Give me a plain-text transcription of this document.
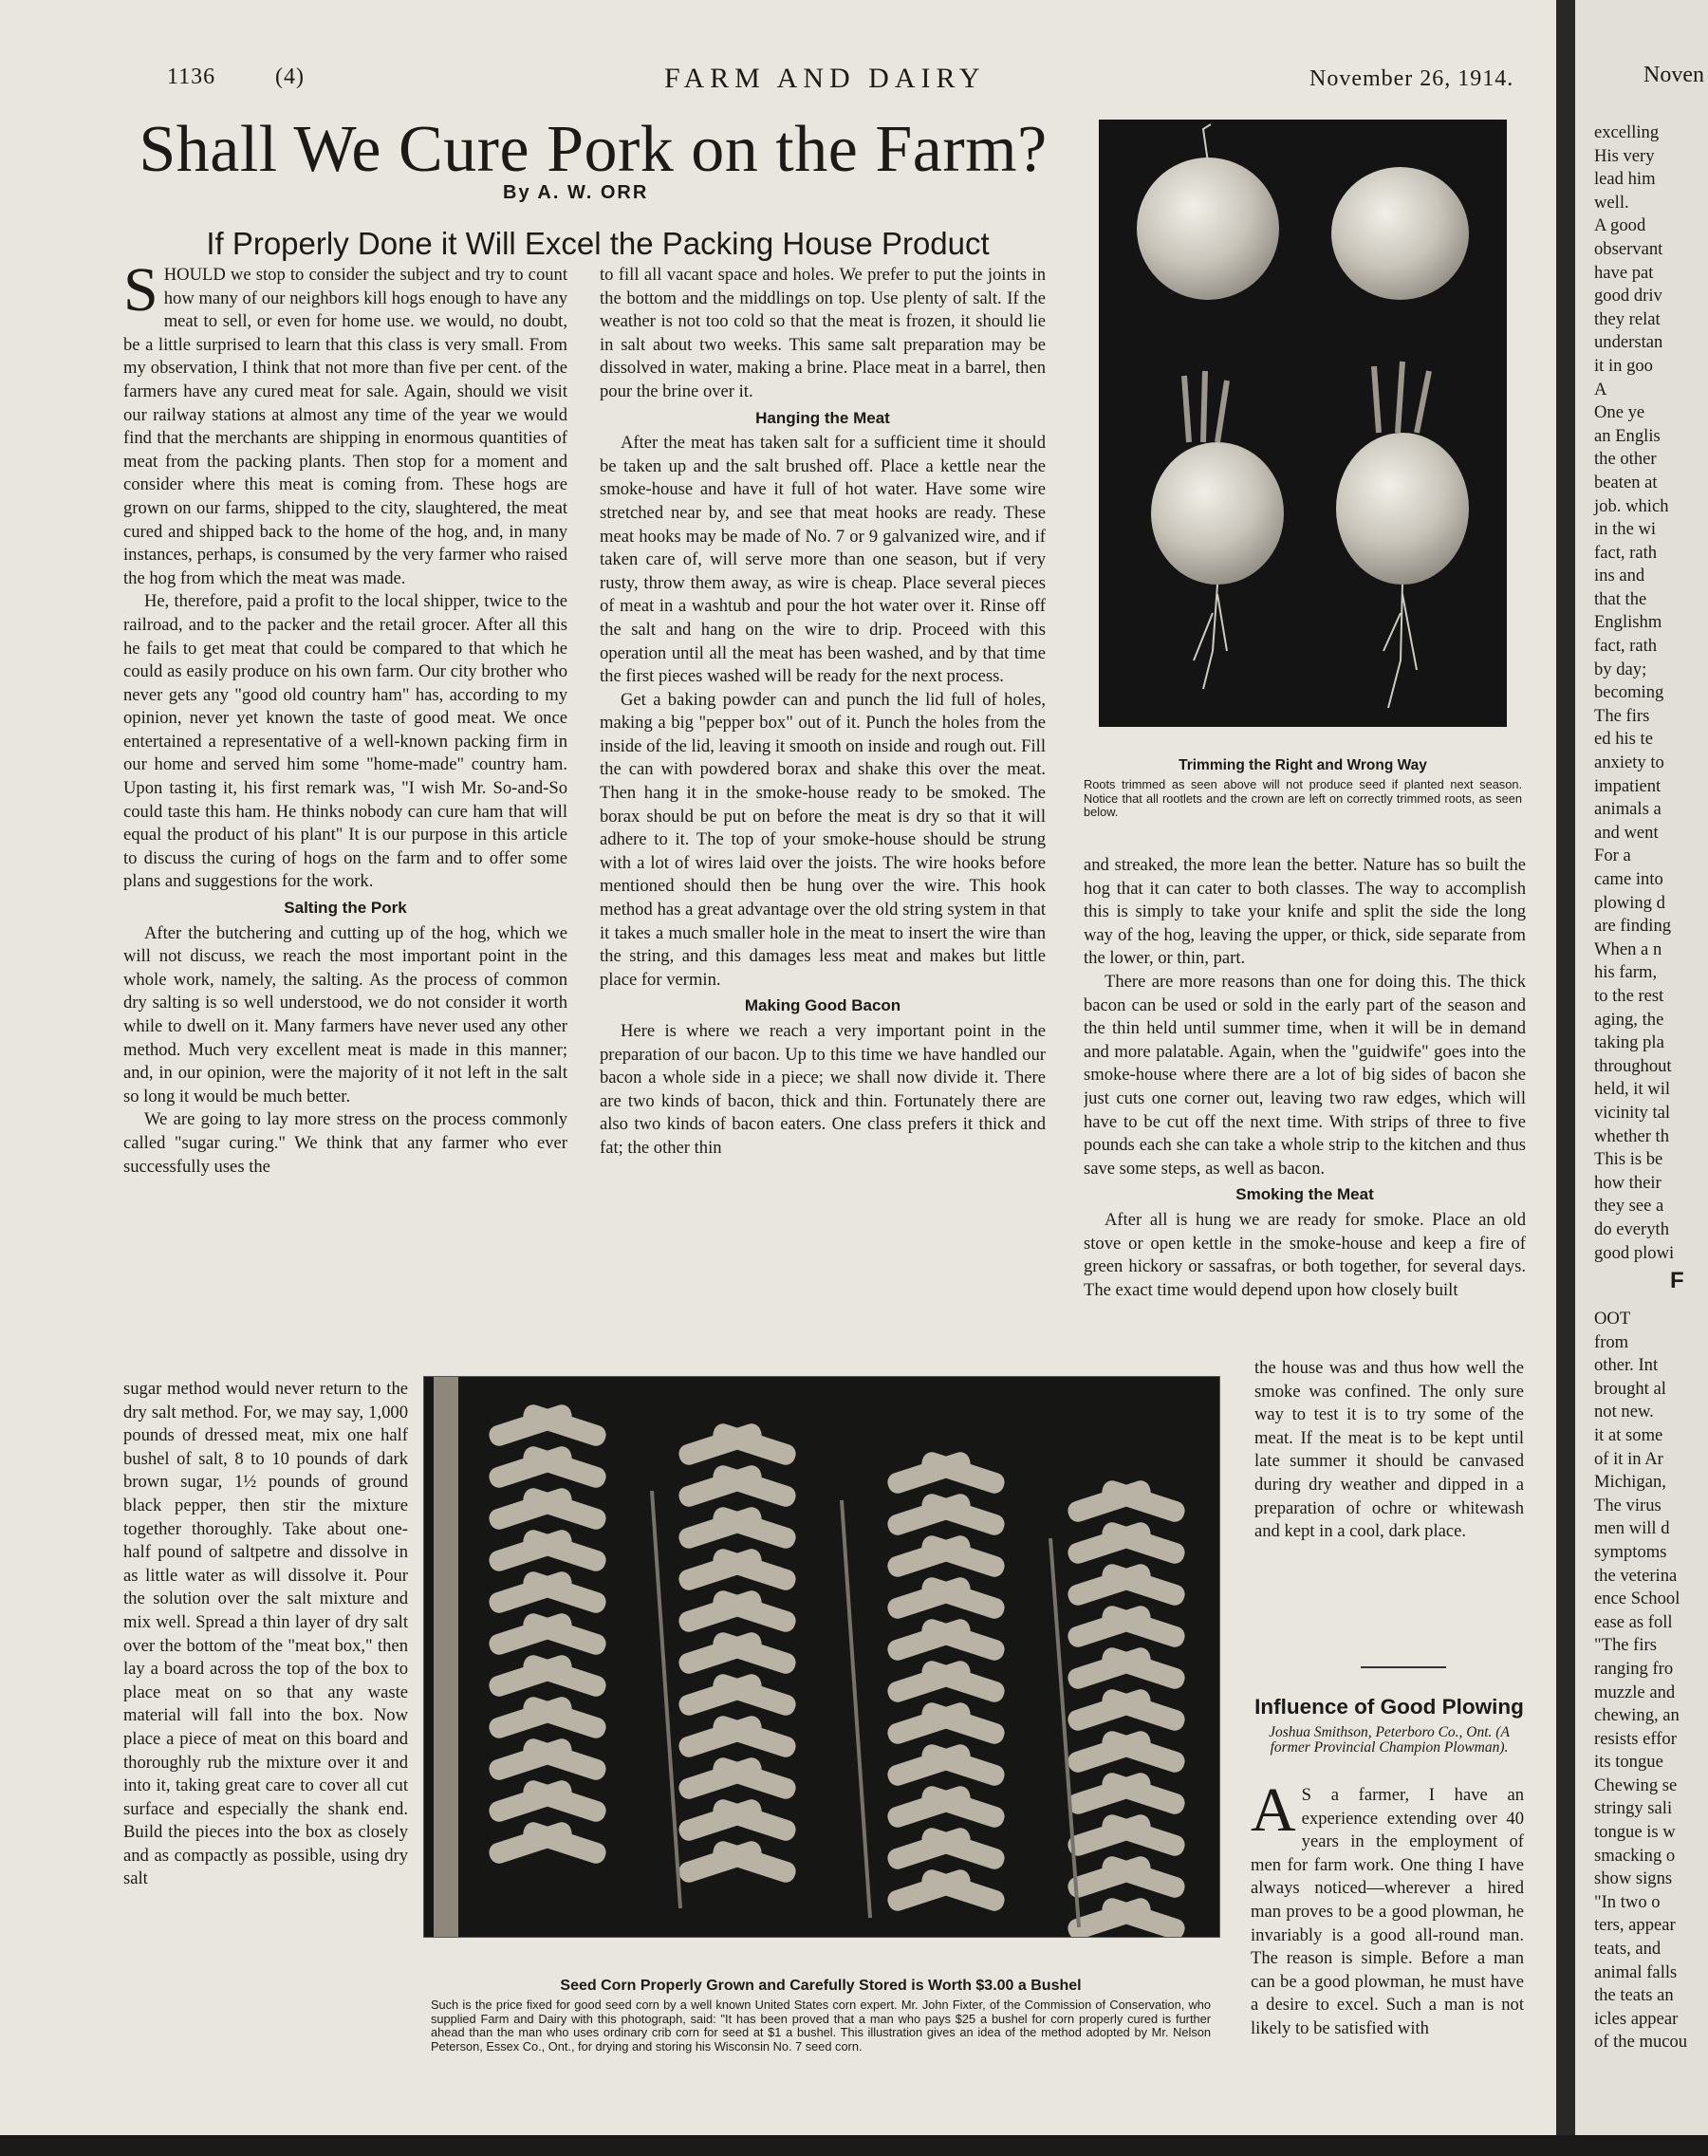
1136	(4)	FARM AND DAIRY	November 26, 1914.
Shall We Cure Pork on the Farm?
By A. W. ORR
If Properly Done it Will Excel the Packing House Product

SHOULD we stop to consider the subject and try to count how many of our neighbors kill hogs enough to have any meat to sell, or even for home use. we would, no doubt, be a little surprised to learn that this class is very small. From my observation, I think that not more than five per cent. of the farmers have any cured meat for sale. Again, should we visit our railway stations at almost any time of the year we would find that the merchants are shipping in enormous quantities of meat from the packing plants. Then stop for a moment and consider where this meat is coming from. These hogs are grown on our farms, shipped to the city, slaughtered, the meat cured and shipped back to the home of the hog, and, in many instances, perhaps, is consumed by the very farmer who raised the hog from which the meat was made.

He, therefore, paid a profit to the local shipper, twice to the railroad, and to the packer and the retail grocer. After all this he fails to get meat that could be compared to that which he could as easily produce on his own farm. Our city brother who never gets any "good old country ham" has, according to my opinion, never yet known the taste of good meat. We once entertained a representative of a well-known packing firm in our home and served him some "home-made" country ham. Upon tasting it, his first remark was, "I wish Mr. So-and-So could taste this ham. He thinks nobody can cure ham that will equal the product of his plant" It is our purpose in this article to discuss the curing of hogs on the farm and to offer some plans and suggestions for the work.

Salting the Pork

After the butchering and cutting up of the hog, which we will not discuss, we reach the most important point in the whole work, namely, the salting. As the process of common dry salting is so well understood, we do not consider it worth while to dwell on it. Many farmers have never used any other method. Much very excellent meat is made in this manner; and, in our opinion, were the majority of it not left in the salt so long it would be much better.

We are going to lay more stress on the process commonly called "sugar curing." We think that any farmer who ever successfully uses the

sugar method would never return to the dry salt method. For, we may say, 1,000 pounds of dressed meat, mix one half bushel of salt, 8 to 10 pounds of dark brown sugar, 1½ pounds of ground black pepper, then stir the mixture together thoroughly. Take about one-half pound of saltpetre and dissolve in as little water as will dissolve it. Pour the solution over the salt mixture and mix well. Spread a thin layer of dry salt over the bottom of the "meat box," then lay a board across the top of the box to place meat on so that any waste material will fall into the box. Now place a piece of meat on this board and thoroughly rub the mixture over it and into it, taking great care to cover all cut surface and especially the shank end. Build the pieces into the box as closely and as compactly as possible, using dry salt

to fill all vacant space and holes. We prefer to put the joints in the bottom and the middlings on top. Use plenty of salt. If the weather is not too cold so that the meat is frozen, it should lie in salt about two weeks. This same salt preparation may be dissolved in water, making a brine. Place meat in a barrel, then pour the brine over it.

Hanging the Meat

After the meat has taken salt for a sufficient time it should be taken up and the salt brushed off. Place a kettle near the smoke-house and have it full of hot water. Have some wire stretched near by, and see that meat hooks are ready. These meat hooks may be made of No. 7 or 9 galvanized wire, and if taken care of, will serve more than one season, but if very rusty, throw them away, as wire is cheap. Place several pieces of meat in a washtub and pour the hot water over it. Rinse off the salt and hang on the wire to drip. Proceed with this operation until all the meat has been washed, and by that time the first pieces washed will be ready for the next process.

Get a baking powder can and punch the lid full of holes, making a big "pepper box" out of it. Punch the holes from the inside of the lid, leaving it smooth on inside and rough out. Fill the can with powdered borax and shake this over the meat. Then hang it in the smoke-house ready to be smoked. The borax should be put on before the meat is dry so that it will adhere to it. The top of your smoke-house should be strung with a lot of wires laid over the joists. The wire hooks before mentioned should then be hung over the wire. This hook method has a great advantage over the old string system in that it takes a much smaller hole in the meat to insert the wire than the string, and this damages less meat and makes but little place for vermin.

Making Good Bacon

Here is where we reach a very important point in the preparation of our bacon. Up to this time we have handled our bacon a whole side in a piece; we shall now divide it. There are two kinds of bacon, thick and thin. Fortunately there are also two kinds of bacon eaters. One class prefers it thick and fat; the other thin

Trimming the Right and Wrong Way
Roots trimmed as seen above will not produce seed if planted next season. Notice that all rootlets and the crown are left on correctly trimmed roots, as seen below.

and streaked, the more lean the better. Nature has so built the hog that it can cater to both classes. The way to accomplish this is simply to take your knife and split the side the long way of the hog, leaving the upper, or thick, side separate from the lower, or thin, part.

There are more reasons than one for doing this. The thick bacon can be used or sold in the early part of the season and the thin held until summer time, when it will be in demand and more palatable. Again, when the "guidwife" goes into the smoke-house where there are a lot of big sides of bacon she just cuts one corner out, leaving two raw edges, which will have to be cut off the next time. With strips of three to five pounds each she can take a whole strip to the kitchen and thus save some steps, as well as bacon.

Smoking the Meat

After all is hung we are ready for smoke. Place an old stove or open kettle in the smoke-house and keep a fire of green hickory or sassafras, or both together, for several days. The exact time would depend upon how closely built

the house was and thus how well the smoke was confined. The only sure way to test it is to try some of the meat. If the meat is to be kept until late summer it should be canvased during dry weather and dipped in a preparation of ochre or whitewash and kept in a cool, dark place.

Seed Corn Properly Grown and Carefully Stored is Worth $3.00 a Bushel
Such is the price fixed for good seed corn by a well known United States corn expert. Mr. John Fixter, of the Commission of Conservation, who supplied Farm and Dairy with this photograph, said: "It has been proved that a man who pays $25 a bushel for corn properly cured is further ahead than the man who uses ordinary crib corn for seed at $1 a bushel. This illustration gives an idea of the method adopted by Mr. Nelson Peterson, Essex Co., Ont., for drying and storing his Wisconsin No. 7 seed corn.
Influence of Good Plowing
Joshua Smithson, Peterboro Co., Ont. (A former Provincial Champion Plowman).

A S a farmer, I have an experience extending over 40 years in the employment of men for farm work. One thing I have always noticed—wherever a hired man proves to be a good plowman, he invariably is a good all-round man. The reason is simple. Before a man can be a good plowman, he must have a desire to excel. Such a man is not likely to be satisfied with

Noven
excelling
His very
lead him
well.
A good
observant
have pat
good driv
they relat
understan
it in goo
A
One ye
an Englis
the other
beaten at
job. which
in the wi
fact, rath
ins and
that the
Englishm
fact, rath
by day;
becoming
The firs
ed his te
anxiety to
impatient
animals a
and went
For a
came into
plowing d
are finding
When a n
his farm,
to the rest
aging, the
taking pla
throughout
held, it wil
vicinity tal
whether th
This is be
how their
they see a
do everyth
good plowi
F
OOT
from
other. Int
brought al
not new.
it at some
of it in Ar
Michigan,
The virus
men will d
symptoms
the veterina
ence School
ease as foll
"The firs
ranging fro
muzzle and
chewing, an
resists effor
its tongue
Chewing se
stringy sali
tongue is w
smacking o
show signs
"In two o
ters, appear
teats, and
animal falls
the teats an
icles appear
of the mucou
